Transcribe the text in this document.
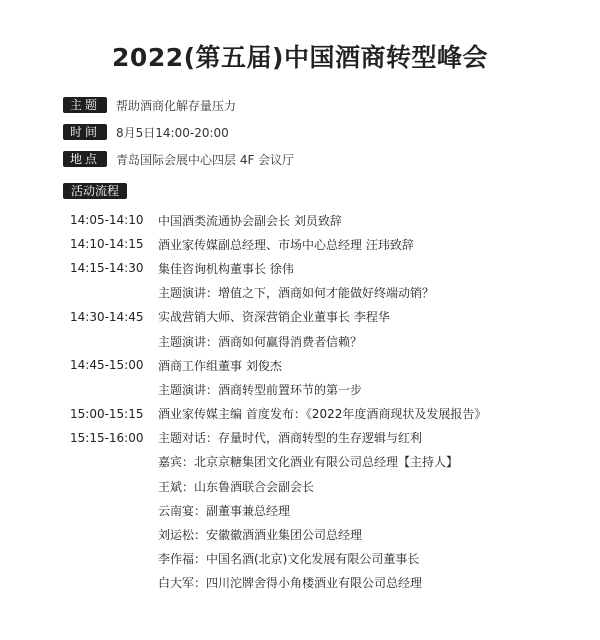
2022(第五届)中国酒商转型峰会
主题	帮助酒商化解存量压力
时间	8月5日14:00-20:00
地点	青岛国际会展中心四层 4F 会议厅
活动流程
14:05-14:10	中国酒类流通协会副会长 刘员致辞
14:10-14:15	酒业家传媒副总经理、市场中心总经理 汪玮致辞
14:15-14:30	集佳咨询机构董事长 徐伟
主题演讲：增值之下，酒商如何才能做好终端动销？
14:30-14:45	实战营销大师、资深营销企业董事长 李程华
主题演讲：酒商如何赢得消费者信赖？
14:45-15:00	酒商工作组董事 刘俊杰
主题演讲：酒商转型前置环节的第一步
15:00-15:15	酒业家传媒主编 首度发布：《2022年度酒商现状及发展报告》
15:15-16:00	主题对话：存量时代，酒商转型的生存逻辑与红利
嘉宾：北京京糖集团文化酒业有限公司总经理【主持人】
王斌：山东鲁酒联合会副会长
云南宴：副董事兼总经理
刘运松：安徽徽酒酒业集团公司总经理
李作福：中国名酒(北京)文化发展有限公司董事长
白大军：四川沱牌舍得小角楼酒业有限公司总经理
